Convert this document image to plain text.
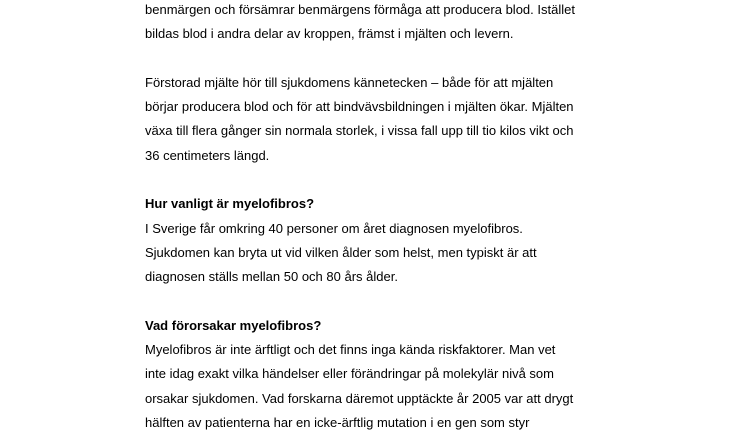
benmärgen och försämrar benmärgens förmåga att producera blod. Istället
bildas blod i andra delar av kroppen, främst i mjälten och levern.
Förstorad mjälte hör till sjukdomens kännetecken – både för att mjälten
börjar producera blod och för att bindvävsbildningen i mjälten ökar. Mjälten
växa till flera gånger sin normala storlek, i vissa fall upp till tio kilos vikt och
36 centimeters längd.
Hur vanligt är myelofibros?
I Sverige får omkring 40 personer om året diagnosen myelofibros.
Sjukdomen kan bryta ut vid vilken ålder som helst, men typiskt är att
diagnosen ställs mellan 50 och 80 års ålder.
Vad förorsakar myelofibros?
Myelofibros är inte ärftligt och det finns inga kända riskfaktorer. Man vet
inte idag exakt vilka händelser eller förändringar på molekylär nivå som
orsakar sjukdomen. Vad forskarna däremot upptäckte år 2005 var att drygt
hälften av patienterna har en icke-ärftlig mutation i en gen som styr
